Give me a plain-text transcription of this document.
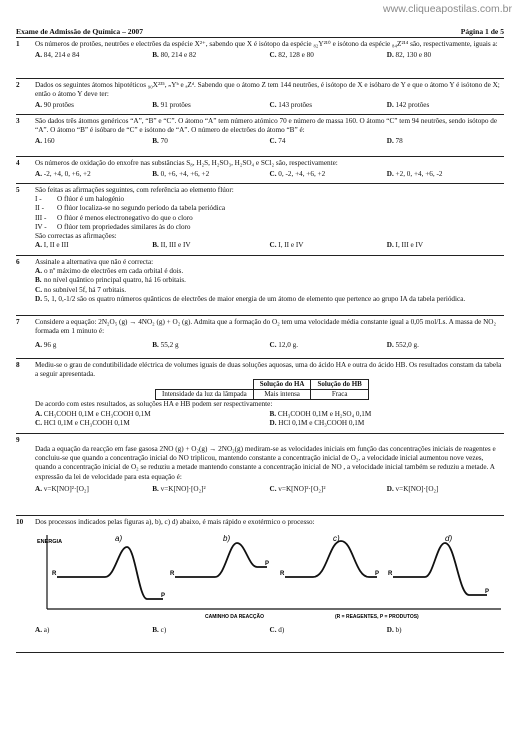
www.cliqueapostilas.com.br
Exame de Admissão de Química – 2007	Página 1 de 5
1	Os números de protões, neutrões e electrões da espécie X²⁺, sabendo que X é isótopo da espécie ₈₂Y²¹⁰ e isótono da espécie ₈₄Z²¹⁴ são, respectivamente, iguais a:
A. 84, 214 e 84	B. 80, 214 e 82	C. 82, 128 e 80	D. 82, 130 e 80
2	Dados os seguintes átomos hipotéticos ₉₀X²³⁵, ₙYᵇ e ₐZᵈ. Sabendo que o átomo Z tem 144 neutrões, é isótopo de X e isóbaro de Y e que o átomo Y é isótono de X; então o átomo Y deve ter:
A. 90 protões	B. 91 protões	C. 143 protões	D. 142 protões
3	São dados três átomos genéricos “A”, “B” e “C”. O átomo “A” tem número atómico 70 e número de massa 160. O átomo “C” tem 94 neutrões, sendo isótopo de “A”. O átomo “B” é isóbaro de “C” e isótono de “A”. O número de electrões do átomo “B” é:
A. 160	B. 70	C. 74	D. 78
4	Os números de oxidação do enxofre nas substâncias S₈, H₂S, H₂SO₃, H₂SO₄ e SCl₂ são, respectivamente:
A. -2, +4, 0, +6, +2	B. 0, +6, +4, +6, +2	C. 0, -2, +4, +6, +2	D. +2, 0, +4, +6, -2
5	São feitas as afirmações seguintes, com referência ao elemento flúor:
I -	O flúor é um halogénio
II -	O flúor localiza-se no segundo período da tabela periódica
III -	O flúor é menos electronegativo do que o cloro
IV -	O flúor tem propriedades similares às do cloro
São correctas as afirmações:
A. I, II e III	B. II, III e IV	C. I, II e IV	D. I, III e IV
6	Assinale a alternativa que não é correcta:
A. o nº máximo de electrões em cada orbital é dois.
B. no nível quântico principal quatro, há 16 orbitais.
C. no subnível 5f, há 7 orbitais.
D. 5, 1, 0,-1/2 são os quatro números quânticos de electrões de maior energia de um átomo de elemento que pertence ao grupo IA da tabela periódica.
7	Considere a equação: 2N₂O₅ (g) → 4NO₂ (g) + O₂ (g). Admita que a formação do O₂ tem uma velocidade média constante igual a 0,05 mol/Ls. A massa de NO₂ formada em 1 minuto é:
A. 96 g	B. 55,2 g	C. 12,0 g.	D. 552,0 g.
8	Mediu-se o grau de condutibilidade eléctrica de volumes iguais de duas soluções aquosas, uma do ácido HA e outra do ácido HB. Os resultados constam da tabela a seguir apresentada.
	Solução do HA	Solução do HB
Intensidade da luz da lâmpada	Mais intensa	Fraca
De acordo com estes resultados, as soluções HA e HB podem ser respectivamente:
A. CH₃COOH 0,1M e CH₃COOH 0,1M	B. CH₃COOH 0,1M e H₂SO₄ 0,1M
C. HCl 0,1M e CH₃COOH 0,1M	D. HCl 0,1M e CH₃COOH 0,1M
9
Dada a equação da reacção em fase gasosa 2NO (g) + O₂(g) → 2NO₂(g) mediram-se as velocidades iniciais em função das concentrações iniciais de reagentes e concluiu-se que quando a concentração inicial do NO triplicou, mantendo constante a concentração inicial de O₂, a velocidade inicial aumentou nove vezes, quando a concentração inicial de O₂ se reduziu a metade mantendo constante a concentração inicial de NO , a velocidade inicial também se reduziu a metade. A expressão da lei de velocidade para esta equação é:
A. v=K[NO]²·[O₂]	B. v=K[NO]·[O₂]²	C. v=K[NO]²·[O₂]²	D. v=K[NO]·[O₂]
10	Dos processos indicados pelas figuras a), b), c) d) abaixo, é mais rápido e exotérmico o processo:
ENERGIA
CAMINHO DA REACÇÃO	(R = REAGENTES, P = PRODUTOS)
a)
R
P
b)
R
P
c)
R	P
d)
R
P
A. a)	B. c)	C. d)	D. b)
